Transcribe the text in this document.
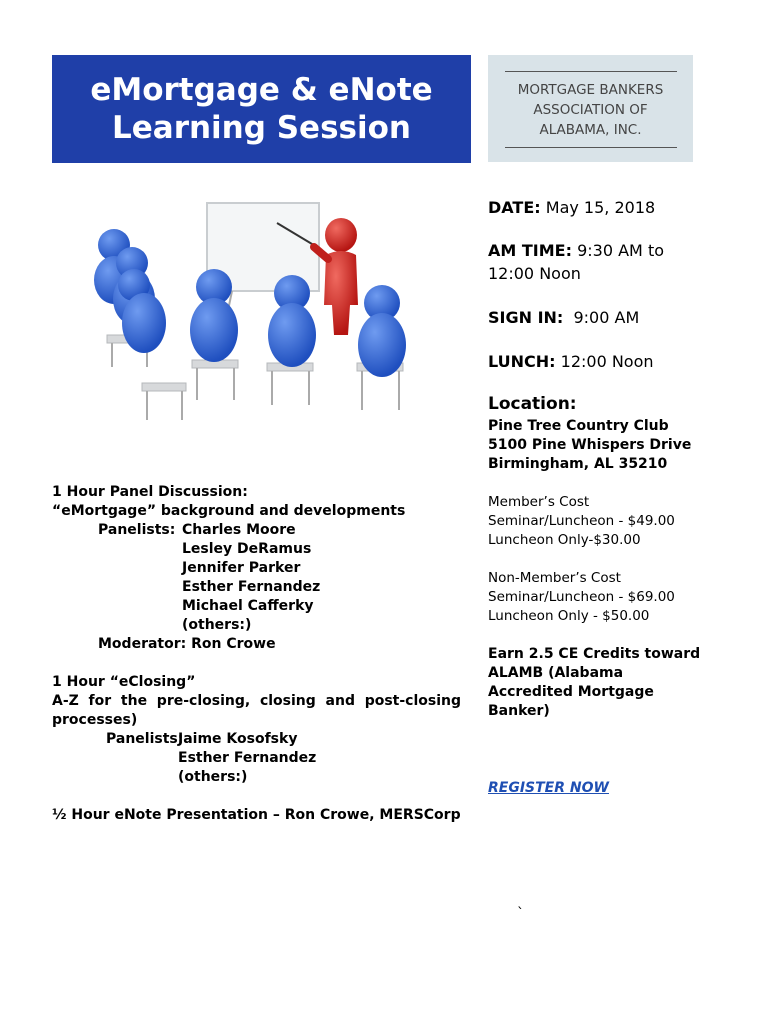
eMortgage & eNote
Learning Session
MORTGAGE BANKERS
ASSOCIATION OF
ALABAMA, INC.
DATE: May 15, 2018
AM TIME: 9:30 AM to
12:00 Noon
SIGN IN: 9:00 AM
LUNCH: 12:00 Noon
Location:
Pine Tree Country Club
5100 Pine Whispers Drive
Birmingham, AL 35210
Member’s Cost
Seminar/Luncheon - $49.00
Luncheon Only-$30.00
Non-Member’s Cost
Seminar/Luncheon - $69.00
Luncheon Only - $50.00
Earn 2.5 CE Credits toward
ALAMB (Alabama
Accredited Mortgage
Banker)
REGISTER NOW
`
1 Hour Panel Discussion:
“eMortgage” background and developments
Panelists: Charles Moore
Lesley DeRamus
Jennifer Parker
Esther Fernandez
Michael Cafferky
(others:)
Moderator: Ron Crowe
1 Hour “eClosing”
A-Z  for  the  pre-closing,  closing  and  post-closing
processes)
Panelists:
Jaime Kosofsky
Esther Fernandez
(others:)
½ Hour eNote Presentation – Ron Crowe, MERSCorp
